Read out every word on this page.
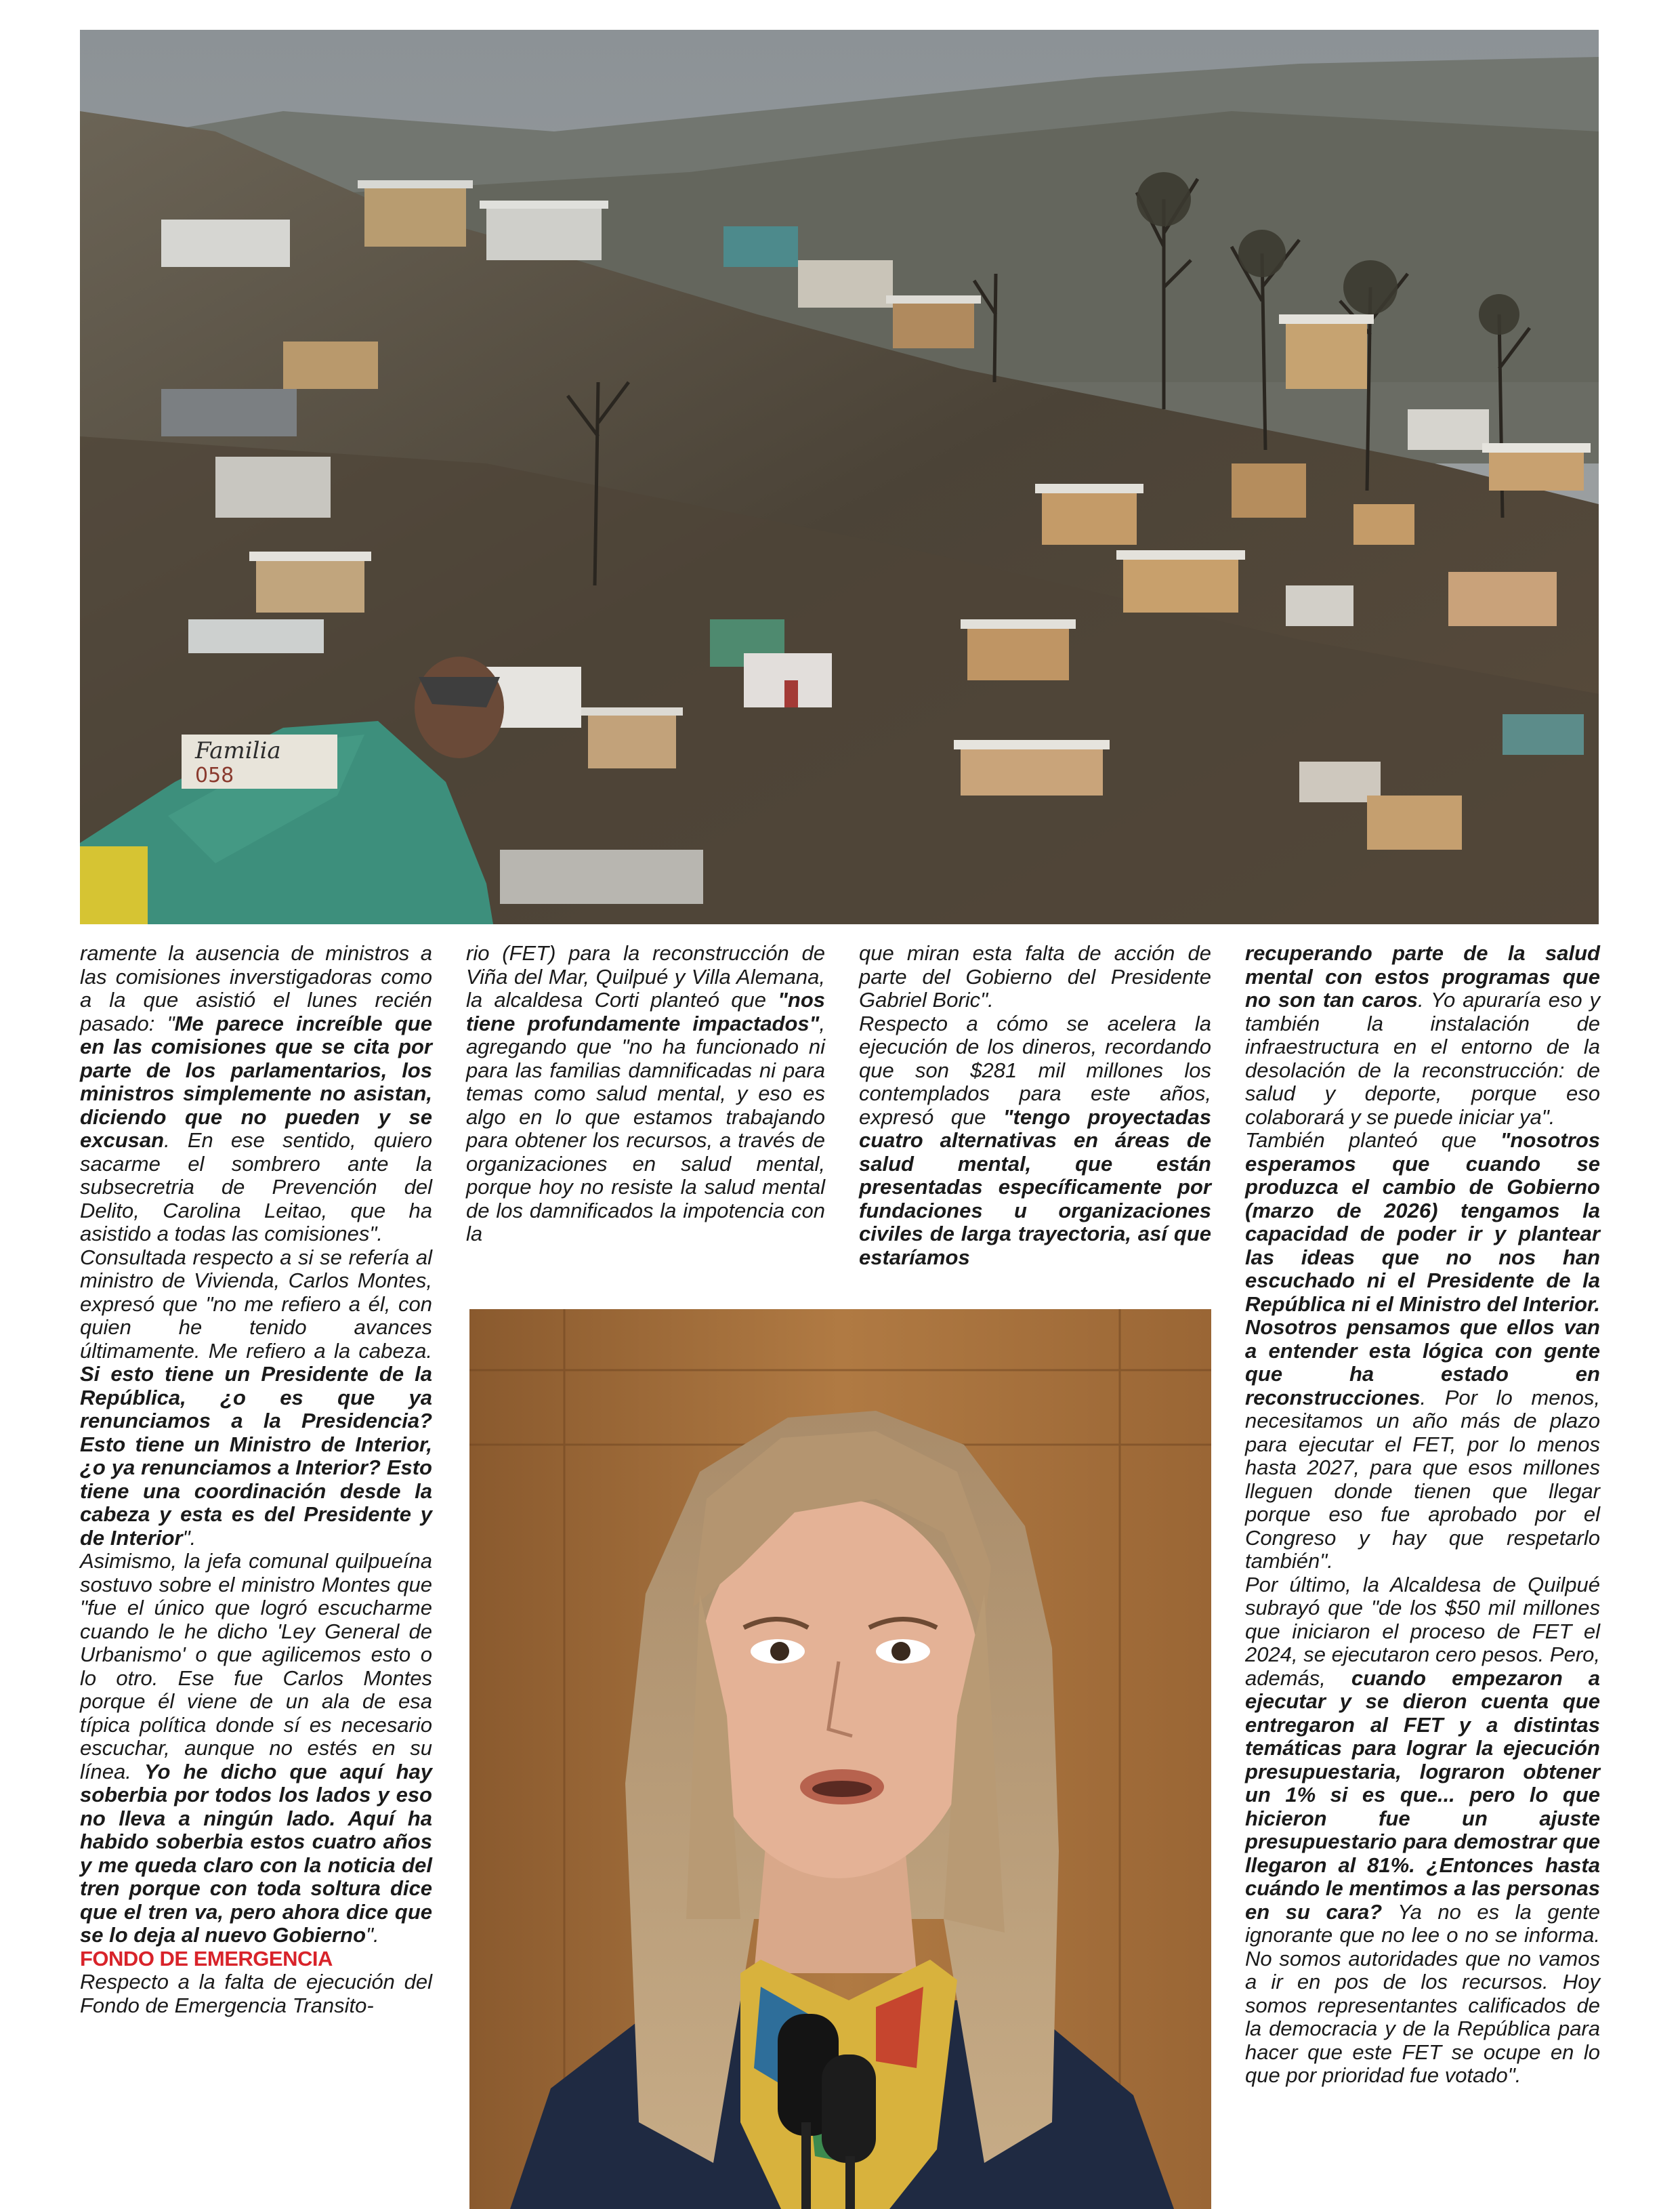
Familia
058

ramente la ausencia de ministros a las comisiones inverstigadoras como a la que asistió el lunes recién pasado: "Me parece increíble que en las comisiones que se cita por parte de los parlamentarios, los ministros simplemente no asistan, diciendo que no pueden y se excusan. En ese sentido, quiero sacarme el sombrero ante la subsecretria de Prevención del Delito, Carolina Leitao, que ha asistido a todas las comisiones".

Consultada respecto a si se refería al ministro de Vivienda, Carlos Montes, expresó que "no me refiero a él, con quien he tenido avances últimamente. Me refiero a la cabeza. Si esto tiene un Presidente de la República, ¿o es que ya renunciamos a la Presidencia? Esto tiene un Ministro de Interior, ¿o ya renunciamos a Interior? Esto tiene una coordinación desde la cabeza y esta es del Presidente y de Interior".

Asimismo, la jefa comunal quilpueína sostuvo sobre el ministro Montes que "fue el único que logró escucharme cuando le he dicho 'Ley General de Urbanismo' o que agilicemos esto o lo otro. Ese fue Carlos Montes porque él viene de un ala de esa típica política donde sí es necesario escuchar, aunque no estés en su línea. Yo he dicho que aquí hay soberbia por todos los lados y eso no lleva a ningún lado. Aquí ha habido soberbia estos cuatro años y me queda claro con la noticia del tren porque con toda soltura dice que el tren va, pero ahora dice que se lo deja al nuevo Gobierno".

FONDO DE EMERGENCIA

Respecto a la falta de ejecución del Fondo de Emergencia Transito-

rio (FET) para la reconstrucción de Viña del Mar, Quilpué y Villa Alemana, la alcaldesa Corti planteó que "nos tiene profundamente impactados", agregando que "no ha funcionado ni para las familias damnificadas ni para temas como salud mental, y eso es algo en lo que estamos trabajando para obtener los recursos, a través de organizaciones en salud mental, porque hoy no resiste la salud mental de los damnificados la impotencia con la

que miran esta falta de acción de parte del Gobierno del Presidente Gabriel Boric".

Respecto a cómo se acelera la ejecución de los dineros, recordando que son $281 mil millones los contemplados para este años, expresó que "tengo proyectadas cuatro alternativas en áreas de salud mental, que están presentadas específicamente por fundaciones u organizaciones civiles de larga trayectoria, así que estaríamos

recuperando parte de la salud mental con estos programas que no son tan caros. Yo apuraría eso y también la instalación de infraestructura en el entorno de la desolación de la reconstrucción: de salud y deporte, porque eso colaborará y se puede iniciar ya".

También planteó que "nosotros esperamos que cuando se produzca el cambio de Gobierno (marzo de 2026) tengamos la capacidad de poder ir y plantear las ideas que no nos han escuchado ni el Presidente de la República ni el Ministro del Interior. Nosotros pensamos que ellos van a entender esta lógica con gente que ha estado en reconstrucciones. Por lo menos, necesitamos un año más de plazo para ejecutar el FET, por lo menos hasta 2027, para que esos millones lleguen donde tienen que llegar porque eso fue aprobado por el Congreso y hay que respetarlo también".

Por último, la Alcaldesa de Quilpué subrayó que "de los $50 mil millones que iniciaron el proceso de FET el 2024, se ejecutaron cero pesos. Pero, además, cuando empezaron a ejecutar y se dieron cuenta que entregaron al FET y a distintas temáticas para lograr la ejecución presupuestaria, lograron obtener un 1% si es que... pero lo que hicieron fue un ajuste presupuestario para demostrar que llegaron al 81%. ¿Entonces hasta cuándo le mentimos a las personas en su cara? Ya no es la gente ignorante que no lee o no se informa. No somos autoridades que no vamos a ir en pos de los recursos. Hoy somos representantes calificados de la democracia y de la República para hacer que este FET se ocupe en lo que por prioridad fue votado".
